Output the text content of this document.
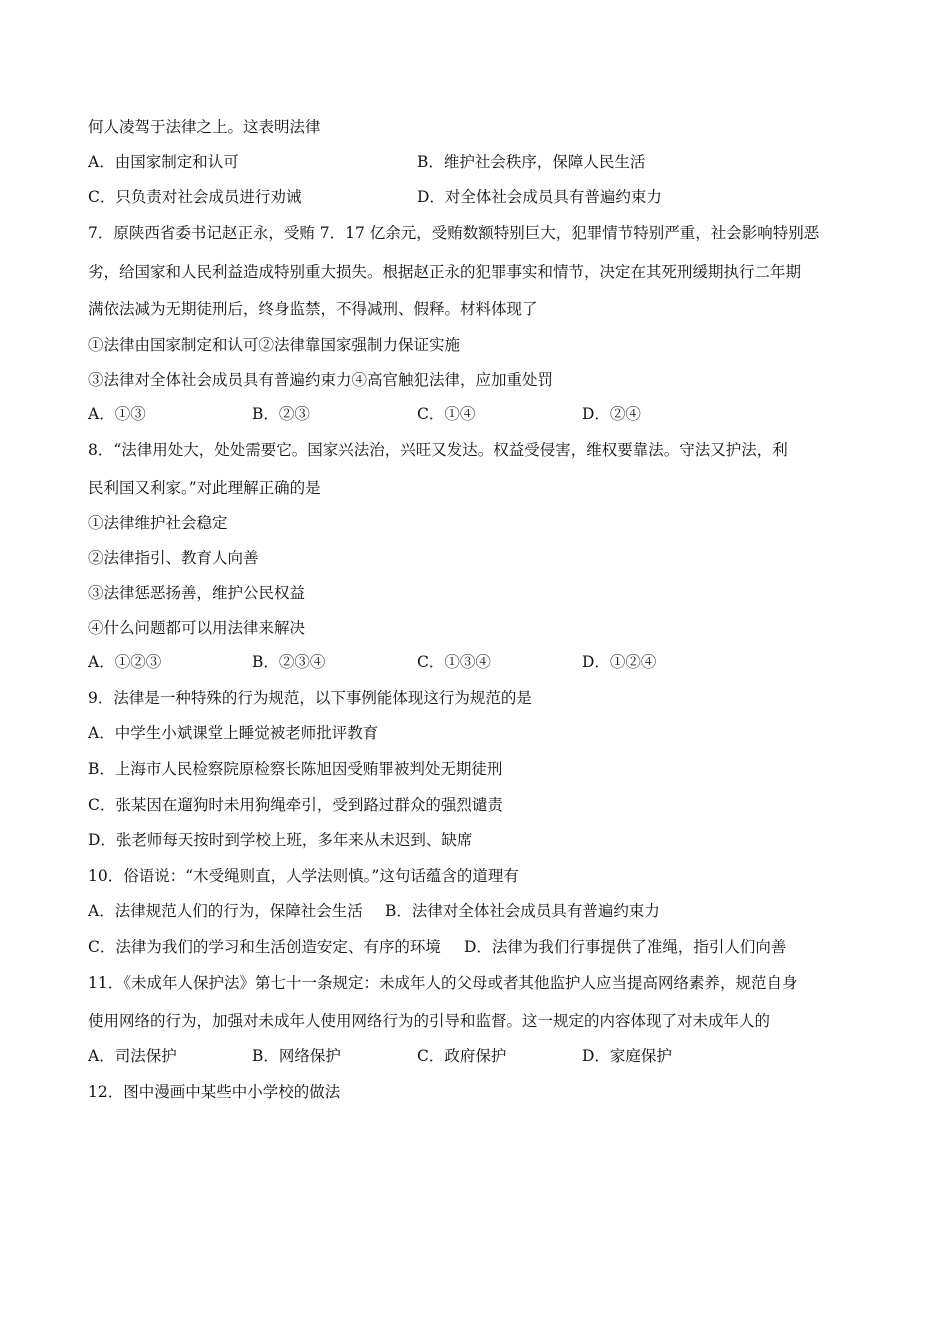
何人凌驾于法律之上。这表明法律
A．由国家制定和认可	B．维护社会秩序，保障人民生活
C．只负责对社会成员进行劝诫	D．对全体社会成员具有普遍约束力
7．原陕西省委书记赵正永，受贿 7．17 亿余元，受贿数额特别巨大，犯罪情节特别严重，社会影响特别恶
劣，给国家和人民利益造成特别重大损失。根据赵正永的犯罪事实和情节，决定在其死刑缓期执行二年期
满依法减为无期徒刑后，终身监禁，不得减刑、假释。材料体现了
①法律由国家制定和认可②法律靠国家强制力保证实施
③法律对全体社会成员具有普遍约束力④高官触犯法律，应加重处罚
A．①③	B．②③	C．①④	D．②④
8．“法律用处大，处处需要它。国家兴法治，兴旺又发达。权益受侵害，维权要靠法。守法又护法，利
民利国又利家。”对此理解正确的是
①法律维护社会稳定
②法律指引、教育人向善
③法律惩恶扬善，维护公民权益
④什么问题都可以用法律来解决
A．①②③	B．②③④	C．①③④	D．①②④
9．法律是一种特殊的行为规范，以下事例能体现这行为规范的是
A．中学生小斌课堂上睡觉被老师批评教育
B．上海市人民检察院原检察长陈旭因受贿罪被判处无期徒刑
C．张某因在遛狗时未用狗绳牵引，受到路过群众的强烈谴责
D．张老师每天按时到学校上班，多年来从未迟到、缺席
10．俗语说：“木受绳则直，人学法则慎。”这句话蕴含的道理有
A．法律规范人们的行为，保障社会生活 B．法律对全体社会成员具有普遍约束力
C．法律为我们的学习和生活创造安定、有序的环境 D．法律为我们行事提供了准绳，指引人们向善
11．《未成年人保护法》第七十一条规定：未成年人的父母或者其他监护人应当提高网络素养，规范自身
使用网络的行为，加强对未成年人使用网络行为的引导和监督。这一规定的内容体现了对未成年人的
A．司法保护	B．网络保护	C．政府保护	D．家庭保护
12．图中漫画中某些中小学校的做法
